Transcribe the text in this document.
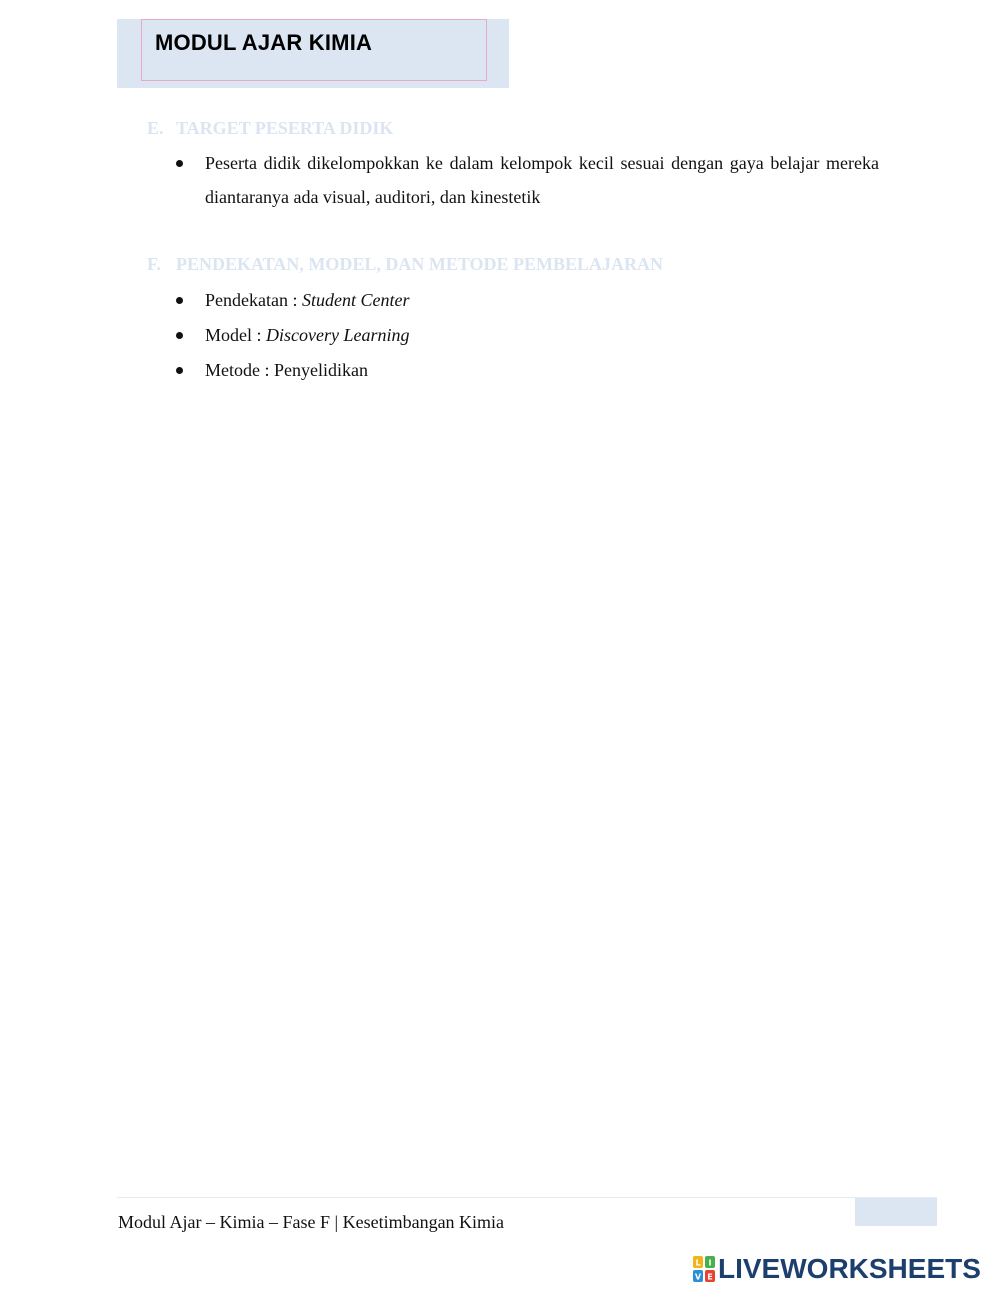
MODUL AJAR KIMIA
E. TARGET PESERTA DIDIK
Peserta didik dikelompokkan ke dalam kelompok kecil sesuai dengan gaya belajar mereka diantaranya ada visual, auditori, dan kinestetik
F. PENDEKATAN, MODEL, DAN METODE PEMBELAJARAN
Pendekatan : Student Center
Model : Discovery Learning
Metode : Penyelidikan
Modul Ajar – Kimia – Fase F | Kesetimbangan Kimia
L I
V E LIVEWORKSHEETS
